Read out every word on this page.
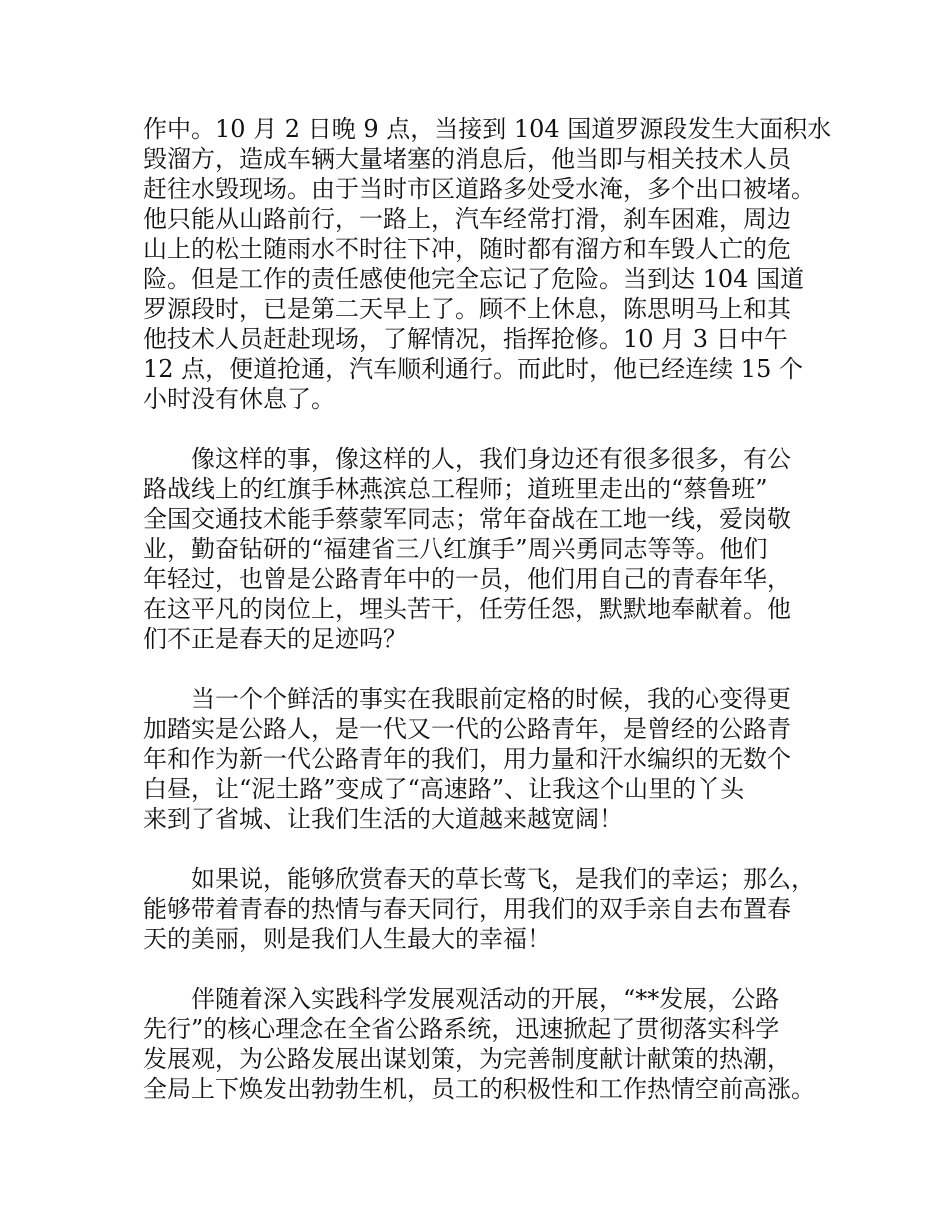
作中。10 月 2 日晚 9 点，当接到 104 国道罗源段发生大面积水
毁溜方，造成车辆大量堵塞的消息后，他当即与相关技术人员
赶往水毁现场。由于当时市区道路多处受水淹，多个出口被堵。
他只能从山路前行，一路上，汽车经常打滑，刹车困难，周边
山上的松土随雨水不时往下冲，随时都有溜方和车毁人亡的危
险。但是工作的责任感使他完全忘记了危险。当到达 104 国道
罗源段时，已是第二天早上了。顾不上休息，陈思明马上和其
他技术人员赶赴现场，了解情况，指挥抢修。10 月 3 日中午
12 点，便道抢通，汽车顺利通行。而此时，他已经连续 15 个
小时没有休息了。
　　像这样的事，像这样的人，我们身边还有很多很多，有公
路战线上的红旗手林燕滨总工程师；道班里走出的“蔡鲁班”
全国交通技术能手蔡蒙军同志；常年奋战在工地一线，爱岗敬
业，勤奋钻研的“福建省三八红旗手”周兴勇同志等等。他们
年轻过，也曾是公路青年中的一员，他们用自己的青春年华，
在这平凡的岗位上，埋头苦干，任劳任怨，默默地奉献着。他
们不正是春天的足迹吗？
　　当一个个鲜活的事实在我眼前定格的时候，我的心变得更
加踏实是公路人，是一代又一代的公路青年，是曾经的公路青
年和作为新一代公路青年的我们，用力量和汗水编织的无数个
白昼，让“泥土路”变成了“高速路”、让我这个山里的丫头
来到了省城、让我们生活的大道越来越宽阔！
　　如果说，能够欣赏春天的草长莺飞，是我们的幸运；那么，
能够带着青春的热情与春天同行，用我们的双手亲自去布置春
天的美丽，则是我们人生最大的幸福！
　　伴随着深入实践科学发展观活动的开展，“**发展，公路
先行”的核心理念在全省公路系统，迅速掀起了贯彻落实科学
发展观，为公路发展出谋划策，为完善制度献计献策的热潮，
全局上下焕发出勃勃生机，员工的积极性和工作热情空前高涨。
